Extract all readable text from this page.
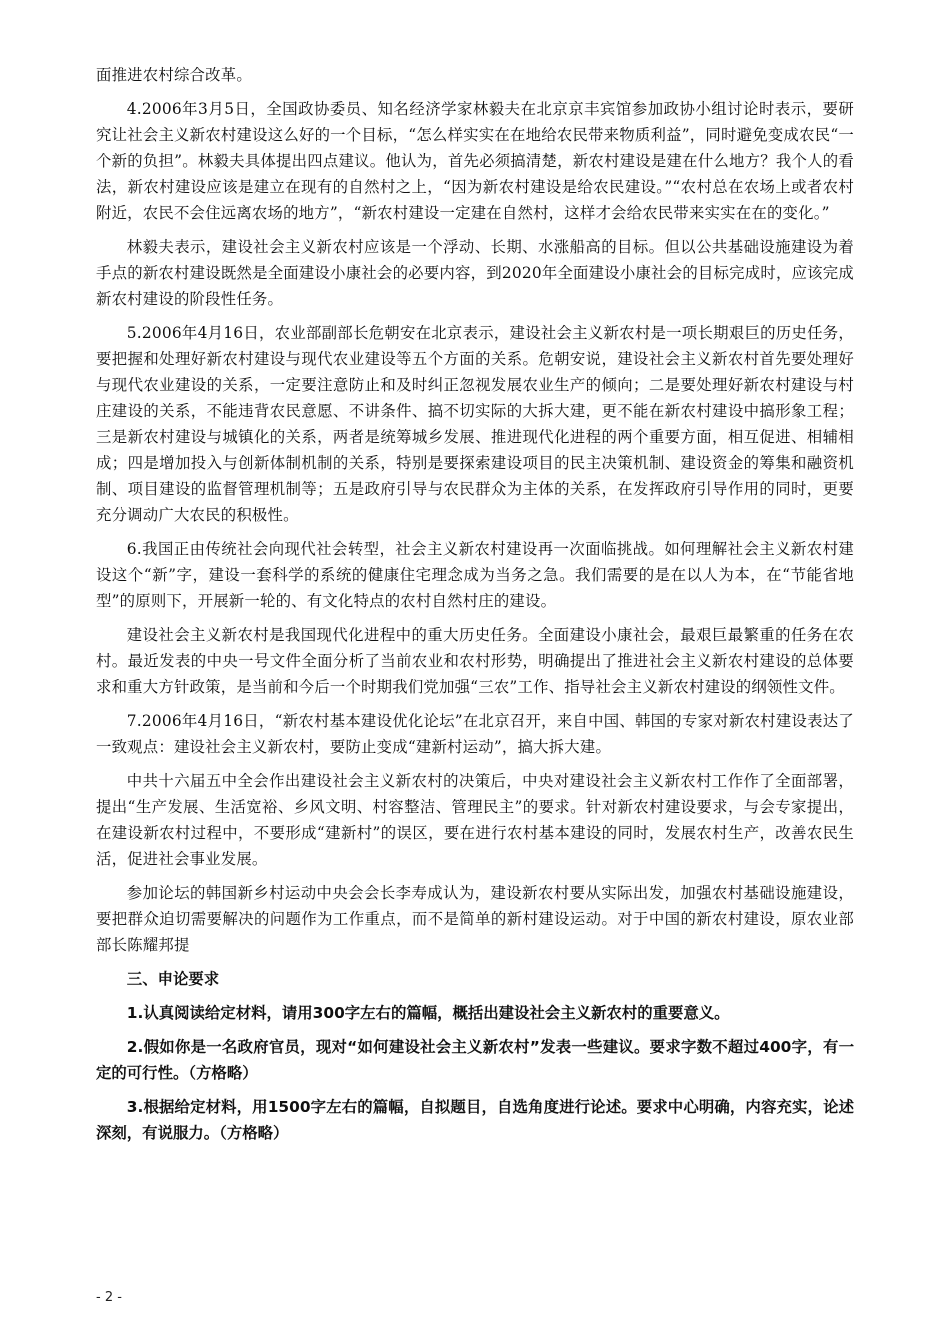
面推进农村综合改革。

4.2006年3月5日，全国政协委员、知名经济学家林毅夫在北京京丰宾馆参加政协小组讨论时表示，要研究让社会主义新农村建设这么好的一个目标，“怎么样实实在在地给农民带来物质利益”，同时避免变成农民“一个新的负担”。林毅夫具体提出四点建议。他认为，首先必须搞清楚，新农村建设是建在什么地方？我个人的看法，新农村建设应该是建立在现有的自然村之上，“因为新农村建设是给农民建设。”“农村总在农场上或者农村附近，农民不会住远离农场的地方”，“新农村建设一定建在自然村，这样才会给农民带来实实在在的变化。”

林毅夫表示，建设社会主义新农村应该是一个浮动、长期、水涨船高的目标。但以公共基础设施建设为着手点的新农村建设既然是全面建设小康社会的必要内容，到2020年全面建设小康社会的目标完成时，应该完成新农村建设的阶段性任务。

5.2006年4月16日，农业部副部长危朝安在北京表示，建设社会主义新农村是一项长期艰巨的历史任务，要把握和处理好新农村建设与现代农业建设等五个方面的关系。危朝安说，建设社会主义新农村首先要处理好与现代农业建设的关系，一定要注意防止和及时纠正忽视发展农业生产的倾向；二是要处理好新农村建设与村庄建设的关系，不能违背农民意愿、不讲条件、搞不切实际的大拆大建，更不能在新农村建设中搞形象工程；三是新农村建设与城镇化的关系，两者是统筹城乡发展、推进现代化进程的两个重要方面，相互促进、相辅相成；四是增加投入与创新体制机制的关系，特别是要探索建设项目的民主决策机制、建设资金的筹集和融资机制、项目建设的监督管理机制等；五是政府引导与农民群众为主体的关系，在发挥政府引导作用的同时，更要充分调动广大农民的积极性。

6.我国正由传统社会向现代社会转型，社会主义新农村建设再一次面临挑战。如何理解社会主义新农村建设这个“新”字，建设一套科学的系统的健康住宅理念成为当务之急。我们需要的是在以人为本，在“节能省地型”的原则下，开展新一轮的、有文化特点的农村自然村庄的建设。

建设社会主义新农村是我国现代化进程中的重大历史任务。全面建设小康社会，最艰巨最繁重的任务在农村。最近发表的中央一号文件全面分析了当前农业和农村形势，明确提出了推进社会主义新农村建设的总体要求和重大方针政策，是当前和今后一个时期我们党加强“三农”工作、指导社会主义新农村建设的纲领性文件。

7.2006年4月16日，“新农村基本建设优化论坛”在北京召开，来自中国、韩国的专家对新农村建设表达了一致观点：建设社会主义新农村，要防止变成“建新村运动”，搞大拆大建。

中共十六届五中全会作出建设社会主义新农村的决策后，中央对建设社会主义新农村工作作了全面部署，提出“生产发展、生活宽裕、乡风文明、村容整洁、管理民主”的要求。针对新农村建设要求，与会专家提出，在建设新农村过程中，不要形成“建新村”的误区，要在进行农村基本建设的同时，发展农村生产，改善农民生活，促进社会事业发展。

参加论坛的韩国新乡村运动中央会会长李寿成认为，建设新农村要从实际出发，加强农村基础设施建设，要把群众迫切需要解决的问题作为工作重点，而不是简单的新村建设运动。对于中国的新农村建设，原农业部部长陈耀邦提

三、申论要求

1.认真阅读给定材料，请用300字左右的篇幅，概括出建设社会主义新农村的重要意义。

2.假如你是一名政府官员，现对“如何建设社会主义新农村”发表一些建议。要求字数不超过400字，有一定的可行性。（方格略）

3.根据给定材料，用1500字左右的篇幅，自拟题目，自选角度进行论述。要求中心明确，内容充实，论述深刻，有说服力。（方格略）

- 2 -
